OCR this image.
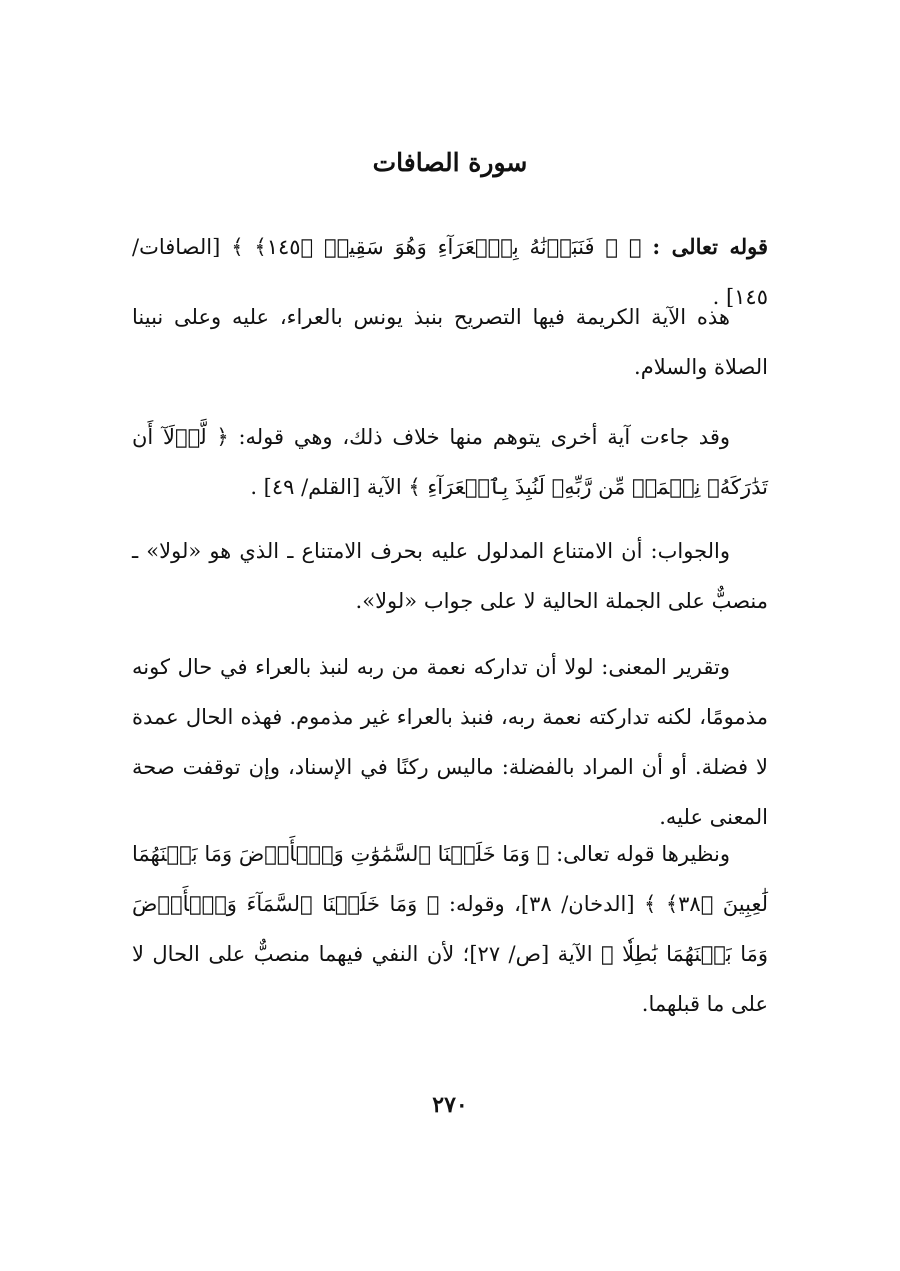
سورة الصافات

قوله تعالى : ﴿ ۞ فَنَبَذۡنَٰهُ بِٱلۡعَرَآءِ وَهُوَ سَقِيمٞ ﴿١٤٥﴾ ﴾ [الصافات/ ١٤٥] .

هذه الآية الكريمة فيها التصريح بنبذ يونس بالعراء، عليه وعلى نبينا الصلاة والسلام.

وقد جاءت آية أخرى يتوهم منها خلاف ذلك، وهي قوله: ﴿ لَّوۡلَآ أَن تَدَٰرَكَهُۥ نِعۡمَةٞ مِّن رَّبِّهِۦ لَنُبِذَ بِٱلۡعَرَآءِ ﴾ الآية [القلم/ ٤٩] .

والجواب: أن الامتناع المدلول عليه بحرف الامتناع ـ الذي هو «لولا» ـ منصبٌّ على الجملة الحالية لا على جواب «لولا».

وتقرير المعنى: لولا أن تداركه نعمة من ربه لنبذ بالعراء في حال كونه مذمومًا، لكنه تداركته نعمة ربه، فنبذ بالعراء غير مذموم. فهذه الحال عمدة لا فضلة. أو أن المراد بالفضلة: ماليس ركنًا في الإسناد، وإن توقفت صحة المعنى عليه.

ونظيرها قوله تعالى: ﴿ وَمَا خَلَقۡنَا ٱلسَّمَٰوَٰتِ وَٱلۡأَرۡضَ وَمَا بَيۡنَهُمَا لَٰعِبِينَ ﴿٣٨﴾ ﴾ [الدخان/ ٣٨]، وقوله: ﴿ وَمَا خَلَقۡنَا ٱلسَّمَآءَ وَٱلۡأَرۡضَ وَمَا بَيۡنَهُمَا بَٰطِلٗا ﴾ الآية [ص/ ٢٧]؛ لأن النفي فيهما منصبٌّ على الحال لا على ما قبلهما.

٢٧٠
